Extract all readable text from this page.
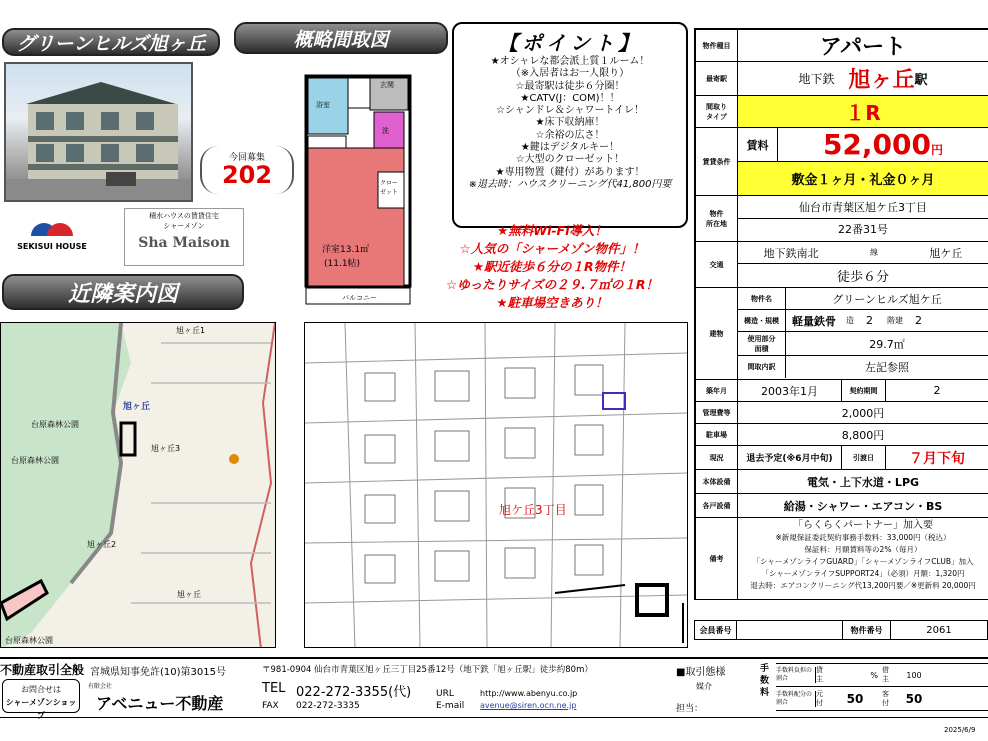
グリーンヒルズ旭ヶ丘	概略間取図
近隣案内図
今回募集
202
SEKISUI HOUSE
積水ハウスの賃貸住宅
シャーメゾン
Sha Maison
玄関
浴室
洗
クロー
ゼット
洋室13.1㎡
(11.1帖)
バルコニー
【ポイント】
★オシャレな都会派上質１ルーム！
（※入居者はお一人限り）
☆最寄駅は徒歩６分圏！
★CATV(J：COM)！！
☆シャンドレ＆シャワートイレ！
★床下収納庫！
☆余裕の広さ！
★鍵はデジタルキー！
☆大型のクローゼット！
★専用物置（鍵付）があります！
※退去時：ハウスクリーニング代41,800円要
★無料Wi-Fi導入！
☆人気の「シャーメゾン物件」！
★駅近徒歩６分の１R物件！
☆ゆったりサイズの２９.７㎡の１R！
★駐車場空きあり！
旭ヶ丘1
旭ヶ丘
旭ヶ丘3
台原森林公園
旭ヶ丘2
旭ヶ丘
台原森林公園
台原森林公園
旭ケ丘3丁目
物件種目	アパート
最寄駅	地下鉄 旭ヶ丘 駅
間取り
タイプ	１R
賃貸条件
賃料	52,000 円
敷金１ヶ月・礼金０ヶ月
物件
所在地
仙台市青葉区旭ケ丘3丁目
22番31号
交通
地下鉄南北	線	旭ケ丘
徒歩６分
建物
物件名	グリーンヒルズ旭ケ丘
構造・規模	軽量鉄骨 造 2 階建 2
使用部分
面積	29.7㎡
間取内訳	左記参照
築年月	2003年1月	契約期間	2
管理費等	2,000円
駐車場	8,800円
現況	退去予定(※6月中旬)	引渡日	７月下旬
本体設備	電気・上下水道・LPG
各戸設備	給湯・シャワー・エアコン・BS
備考
「らくらくパートナー」加入要
※新規保証委託契約事務手数料：33,000円（税込）
保証料：月額賃料等の2%（毎月）
「シャーメゾンライフGUARD」「シャーメゾンライフCLUB」加入
「シャーメゾンライフSUPPORT24」（必須）月額：1,320円
退去時：エアコンクリーニング代13,200円要／※更新料 20,000円
会員番号	物件番号	2061
不動産取引全般
お問合せは
シャーメゾンショップ
宮城県知事免許(10)第3015号
有限会社
アベニュー不動産
〒981-0904 仙台市青葉区旭ヶ丘三丁目25番12号（地下鉄「旭ヶ丘駅」徒歩約80m）
TEL 022-272-3355(代)
FAX 022-272-3335
URL	http://www.abenyu.co.jp
E-mail avenue@siren.ocn.ne.jp
■取引態様
媒介
担当：
手数料
手数料負担の割合
貸主	%
借主	100
手数料配分の割合
元付	50	客付	50
2025/6/9
